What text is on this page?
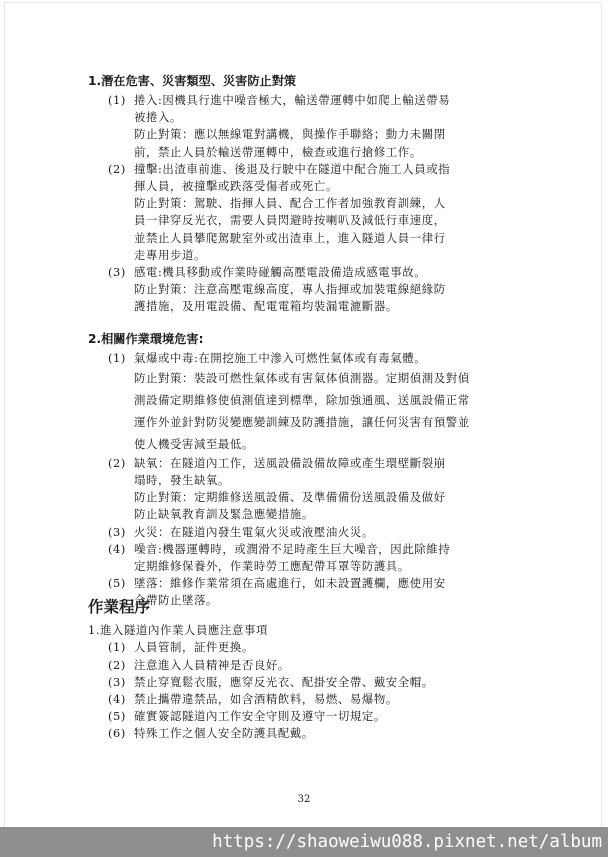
1.潛在危害、災害類型、災害防止對策
(1) 捲入:因機具行進中噪音極大，輸送帶運轉中如爬上輸送帶易

被捲入。

防止對策：應以無線電對講機，與操作手聯絡；動力未關閉

前，禁止人員於輸送帶運轉中，檢查或進行搶修工作。

(2) 撞擊:出渣車前進、後退及行駛中在隧道中配合施工人員或指

揮人員，被撞擊或跌落受傷者或死亡。

防止對策：駕駛、指揮人員、配合工作者加強教育訓練，人

員一律穿反光衣，需要人員閃避時按喇叭及減低行車速度，

並禁止人員攀爬駕駛室外或出渣車上，進入隧道人員一律行

走專用步道。

(3) 感電:機具移動或作業時碰觸高壓電設備造成感電事故。

防止對策：注意高壓電線高度，專人指揮或加裝電線絕緣防

護措施，及用電設備、配電電箱均裝漏電漉斷器。

2.相關作業環境危害:
(1) 氣爆或中毒:在開挖施工中滲入可燃性氣体或有毒氣體。

防止對策：裝設可燃性氣体或有害氣体偵測器。定期偵測及對偵

測設備定期維修使偵測值達到標準，除加強通風、送風設備正常

運作外並針對防災變應變訓練及防護措施，讓任何災害有預警並

使人機受害減至最低。

(2) 缺氧：在隧道內工作，送風設備設備故障或產生環壁斷裂崩

塌時，發生缺氧。

防止對策：定期維修送風設備、及準備備份送風設備及做好

防止缺氧教育訓及緊急應變措施。

(3) 火災：在隧道內發生電氣火災或液壓油火災。

(4) 噪音:機器運轉時，或潤滑不足時產生巨大噪音，因此除維持

定期維修保養外，作業時勞工應配帶耳罩等防護具。

(5) 墜落：維修作業常須在高處進行，如未設置護欄，應使用安

全帶防止墜落。

作業程序
1.進入隧道內作業人員應注意事項
(1) 人員管制，証件更換。

(2) 注意進入人員精神是否良好。

(3) 禁止穿寬鬆衣服，應穿反光衣、配掛安全帶、戴安全帽。

(4) 禁止攜帶違禁品，如含酒精飲料，易燃、易爆物。

(5) 確實簽認隧道內工作安全守則及遵守一切規定。

(6) 特殊工作之個人安全防護具配戴。

32
https://shaoweiwu088.pixnet.net/album
